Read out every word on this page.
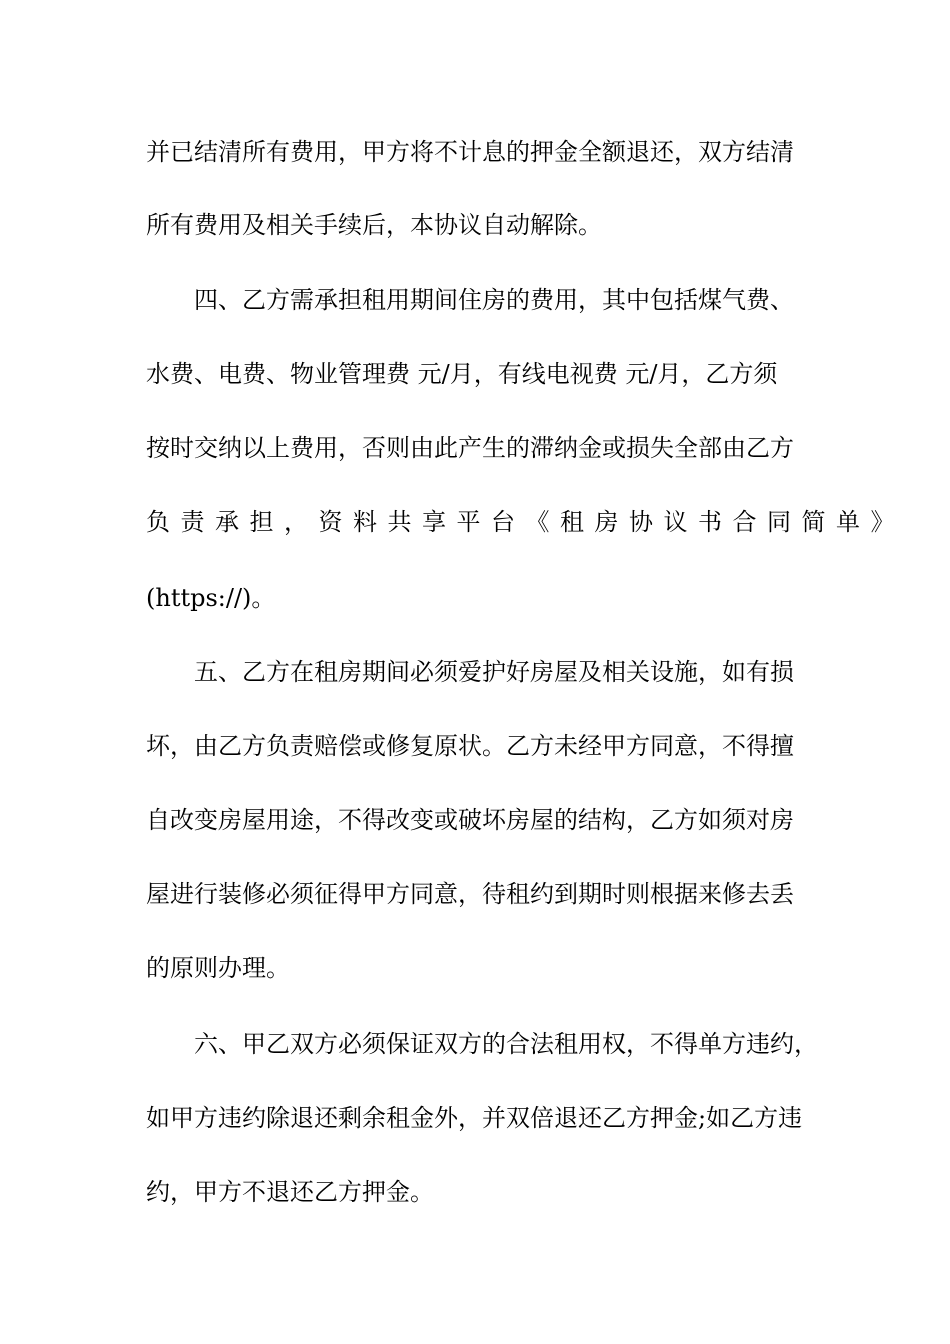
并已结清所有费用，甲方将不计息的押金全额退还，双方结清
所有费用及相关手续后，本协议自动解除。
四、乙方需承担租用期间住房的费用，其中包括煤气费、
水费、电费、物业管理费 元/月，有线电视费 元/月，乙方须
按时交纳以上费用，否则由此产生的滞纳金或损失全部由乙方
负责承担，资料共享平台《租房协议书合同简单》
(https://)。
五、乙方在租房期间必须爱护好房屋及相关设施，如有损
坏，由乙方负责赔偿或修复原状。乙方未经甲方同意，不得擅
自改变房屋用途，不得改变或破坏房屋的结构，乙方如须对房
屋进行装修必须征得甲方同意，待租约到期时则根据来修去丢
的原则办理。
六、甲乙双方必须保证双方的合法租用权，不得单方违约，
如甲方违约除退还剩余租金外，并双倍退还乙方押金;如乙方违
约，甲方不退还乙方押金。
